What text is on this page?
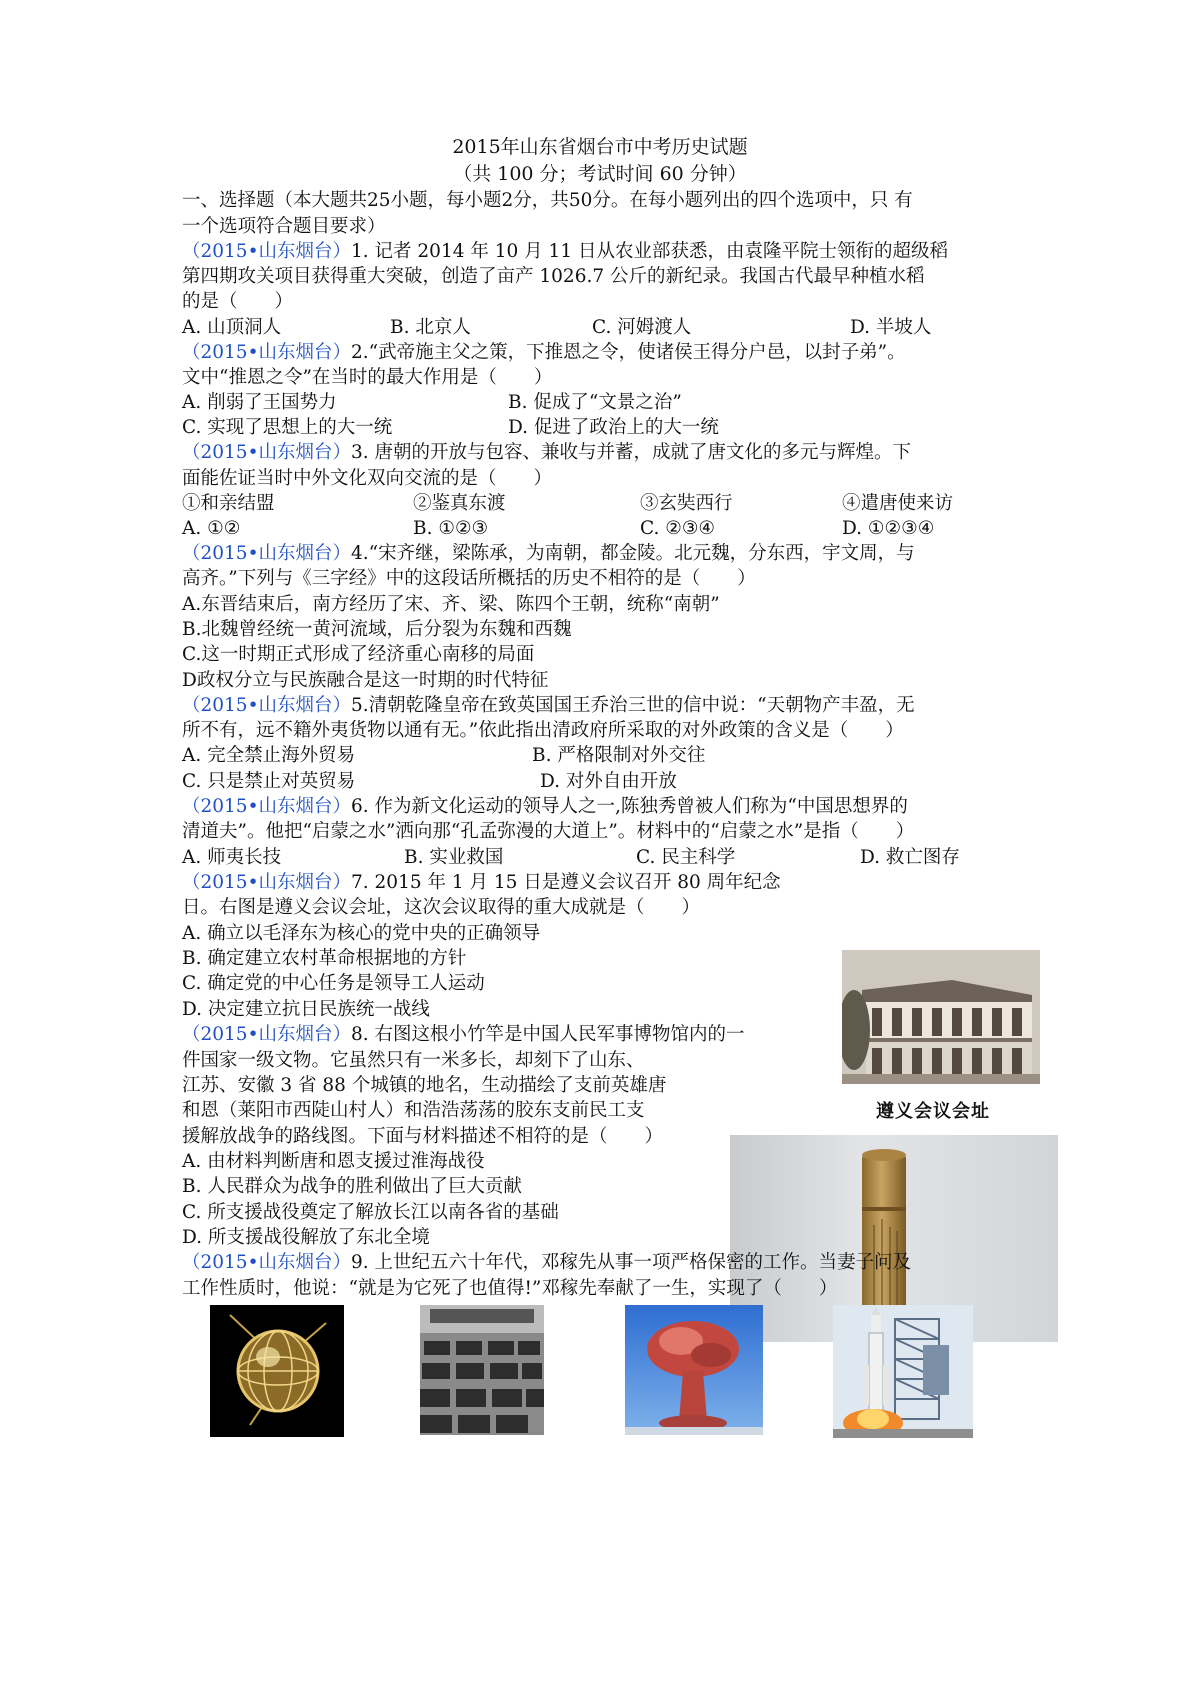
2015年山东省烟台市中考历史试题
（共 100 分；考试时间 60 分钟）
一、选择题（本大题共25小题，每小题2分，共50分。在每小题列出的四个选项中，只 有
一个选项符合题目要求）
（2015•山东烟台）1. 记者 2014 年 10 月 11 日从农业部获悉，由袁隆平院士领衔的超级稻
第四期攻关项目获得重大突破，创造了亩产 1026.7 公斤的新纪录。我国古代最早种植水稻
的是（　　）
A. 山顶洞人	B. 北京人	C. 河姆渡人	D. 半坡人
（2015•山东烟台）2.“武帝施主父之策，下推恩之令，使诸侯王得分户邑，以封子弟”。
文中“推恩之令”在当时的最大作用是（　　）
A. 削弱了王国势力	B. 促成了“文景之治”
C. 实现了思想上的大一统	D. 促进了政治上的大一统
（2015•山东烟台）3. 唐朝的开放与包容、兼收与并蓄，成就了唐文化的多元与辉煌。下
面能佐证当时中外文化双向交流的是（　　）
①和亲结盟	②鉴真东渡	③玄奘西行	④遣唐使来访
A. ①②	B. ①②③	C. ②③④	D. ①②③④
（2015•山东烟台）4.“宋齐继，梁陈承，为南朝，都金陵。北元魏，分东西，宇文周，与
高齐。”下列与《三字经》中的这段话所概括的历史不相符的是（　　）
A.东晋结束后，南方经历了宋、齐、梁、陈四个王朝，统称“南朝”
B.北魏曾经统一黄河流域，后分裂为东魏和西魏
C.这一时期正式形成了经济重心南移的局面
D政权分立与民族融合是这一时期的时代特征
（2015•山东烟台）5.清朝乾隆皇帝在致英国国王乔治三世的信中说：“天朝物产丰盈，无
所不有，远不籍外夷货物以通有无。”依此指出清政府所采取的对外政策的含义是（　　）
A. 完全禁止海外贸易	B. 严格限制对外交往
C. 只是禁止对英贸易	D. 对外自由开放
（2015•山东烟台）6. 作为新文化运动的领导人之一,陈独秀曾被人们称为“中国思想界的
清道夫”。他把“启蒙之水”洒向那“孔孟弥漫的大道上”。材料中的“启蒙之水”是指（　　）
A. 师夷长技	B. 实业救国	C. 民主科学	D. 救亡图存
（2015•山东烟台）7. 2015 年 1 月 15 日是遵义会议召开 80 周年纪念
日。右图是遵义会议会址，这次会议取得的重大成就是（　　）
A. 确立以毛泽东为核心的党中央的正确领导
B. 确定建立农村革命根据地的方针
C. 确定党的中心任务是领导工人运动
D. 决定建立抗日民族统一战线
遵义会议会址
（2015•山东烟台）8. 右图这根小竹竿是中国人民军事博物馆内的一
件国家一级文物。它虽然只有一米多长，却刻下了山东、
江苏、安徽 3 省 88 个城镇的地名，生动描绘了支前英雄唐
和恩（莱阳市西陡山村人）和浩浩荡荡的胶东支前民工支
援解放战争的路线图。下面与材料描述不相符的是（　　）
A. 由材料判断唐和恩支援过淮海战役
B. 人民群众为战争的胜利做出了巨大贡献
C. 所支援战役奠定了解放长江以南各省的基础
D. 所支援战役解放了东北全境
（2015•山东烟台）9. 上世纪五六十年代，邓稼先从事一项严格保密的工作。当妻子问及
工作性质时，他说：“就是为它死了也值得!”邓稼先奉献了一生，实现了（　　）
